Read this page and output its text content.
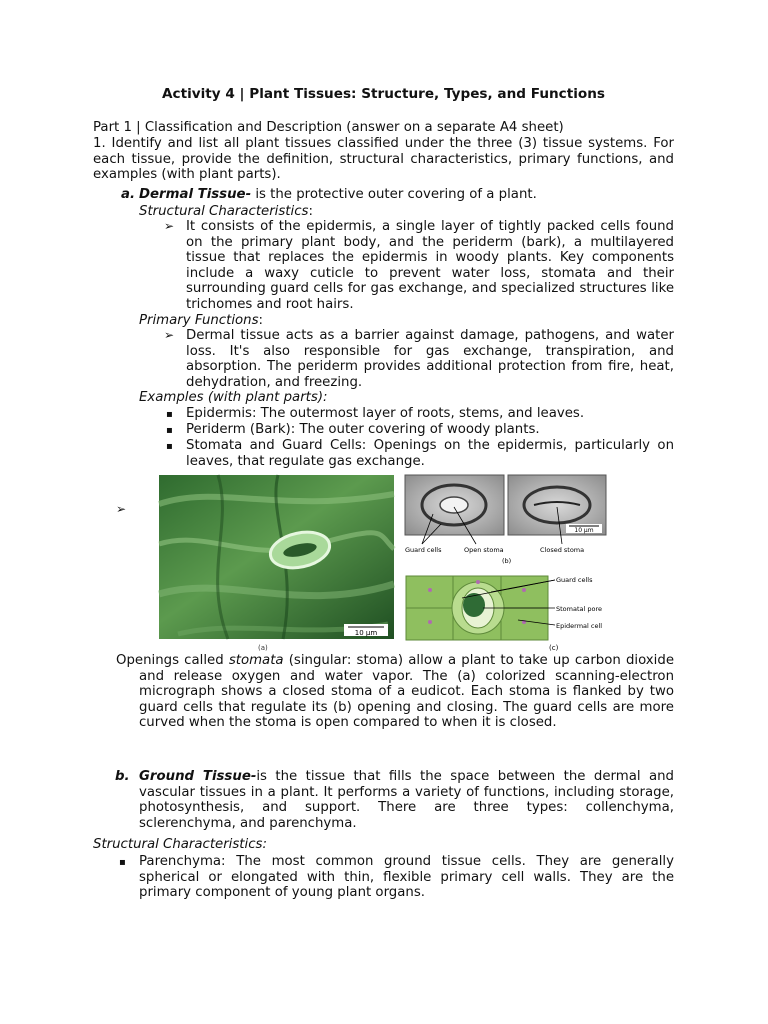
Activity 4 | Plant Tissues: Structure, Types, and Functions
Part 1 | Classification and Description (answer on a separate A4 sheet)
1. Identify and list all plant tissues classified under the three (3) tissue systems. For each tissue, provide the definition, structural characteristics, primary functions, and examples (with plant parts).
a. Dermal Tissue- is the protective outer covering of a plant.
Structural Characteristics:
➢ It consists of the epidermis, a single layer of tightly packed cells found on the primary plant body, and the periderm (bark), a multilayered tissue that replaces the epidermis in woody plants. Key components include a waxy cuticle to prevent water loss, stomata and their surrounding guard cells for gas exchange, and specialized structures like trichomes and root hairs.
Primary Functions:
➢ Dermal tissue acts as a barrier against damage, pathogens, and water loss. It's also responsible for gas exchange, transpiration, and absorption. The periderm provides additional protection from fire, heat, dehydration, and freezing.
Examples (with plant parts):
▪ Epidermis: The outermost layer of roots, stems, and leaves.
▪ Periderm (Bark): The outer covering of woody plants.
▪ Stomata and Guard Cells: Openings on the epidermis, particularly on leaves, that regulate gas exchange.
➢
10 µm
(a)
10 µm
Guard cells	Open stoma	Closed stoma
(b)
Guard cells
Stomatal pore
Epidermal cell
(c)
Openings called stomata (singular: stoma) allow a plant to take up carbon dioxide and release oxygen and water vapor. The (a) colorized scanning-electron micrograph shows a closed stoma of a eudicot. Each stoma is flanked by two guard cells that regulate its (b) opening and closing. The guard cells are more curved when the stoma is open compared to when it is closed.
b. Ground Tissue-is the tissue that fills the space between the dermal and vascular tissues in a plant. It performs a variety of functions, including storage, photosynthesis, and support. There are three types: collenchyma, sclerenchyma, and parenchyma.
Structural Characteristics:
▪ Parenchyma: The most common ground tissue cells. They are generally spherical or elongated with thin, flexible primary cell walls. They are the primary component of young plant organs.
